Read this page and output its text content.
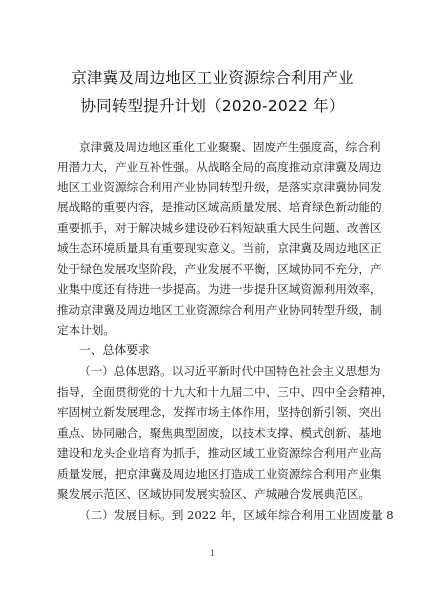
京津冀及周边地区工业资源综合利用产业
协同转型提升计划（2020-2022 年）
京津冀及周边地区重化工业聚聚、固废产生强度高，综合利
用潜力大，产业互补性强。从战略全局的高度推动京津冀及周边
地区工业资源综合利用产业协同转型升级，是落实京津冀协同发
展战略的重要内容，是推动区域高质量发展、培育绿色新动能的
重要抓手，对于解决城乡建设砂石料短缺重大民生问题、改善区
域生态环境质量具有重要现实意义。当前，京津冀及周边地区正
处于绿色发展攻坚阶段，产业发展不平衡，区域协同不充分，产
业集中度还有待进一步提高。为进一步提升区域资源利用效率，
推动京津冀及周边地区工业资源综合利用产业协同转型升级，制
定本计划。
一、总体要求
（一）总体思路。以习近平新时代中国特色社会主义思想为
指导，全面贯彻党的十九大和十九届二中、三中、四中全会精神，
牢固树立新发展理念，发挥市场主体作用，坚持创新引领、突出
重点、协同融合，聚焦典型固废，以技术支撑、模式创新、基地
建设和龙头企业培育为抓手，推动区域工业资源综合利用产业高
质量发展，把京津冀及周边地区打造成工业资源综合利用产业集
聚发展示范区、区域协同发展实验区、产城融合发展典范区。
（二）发展目标。到 2022 年，区域年综合利用工业固废量 8
1
